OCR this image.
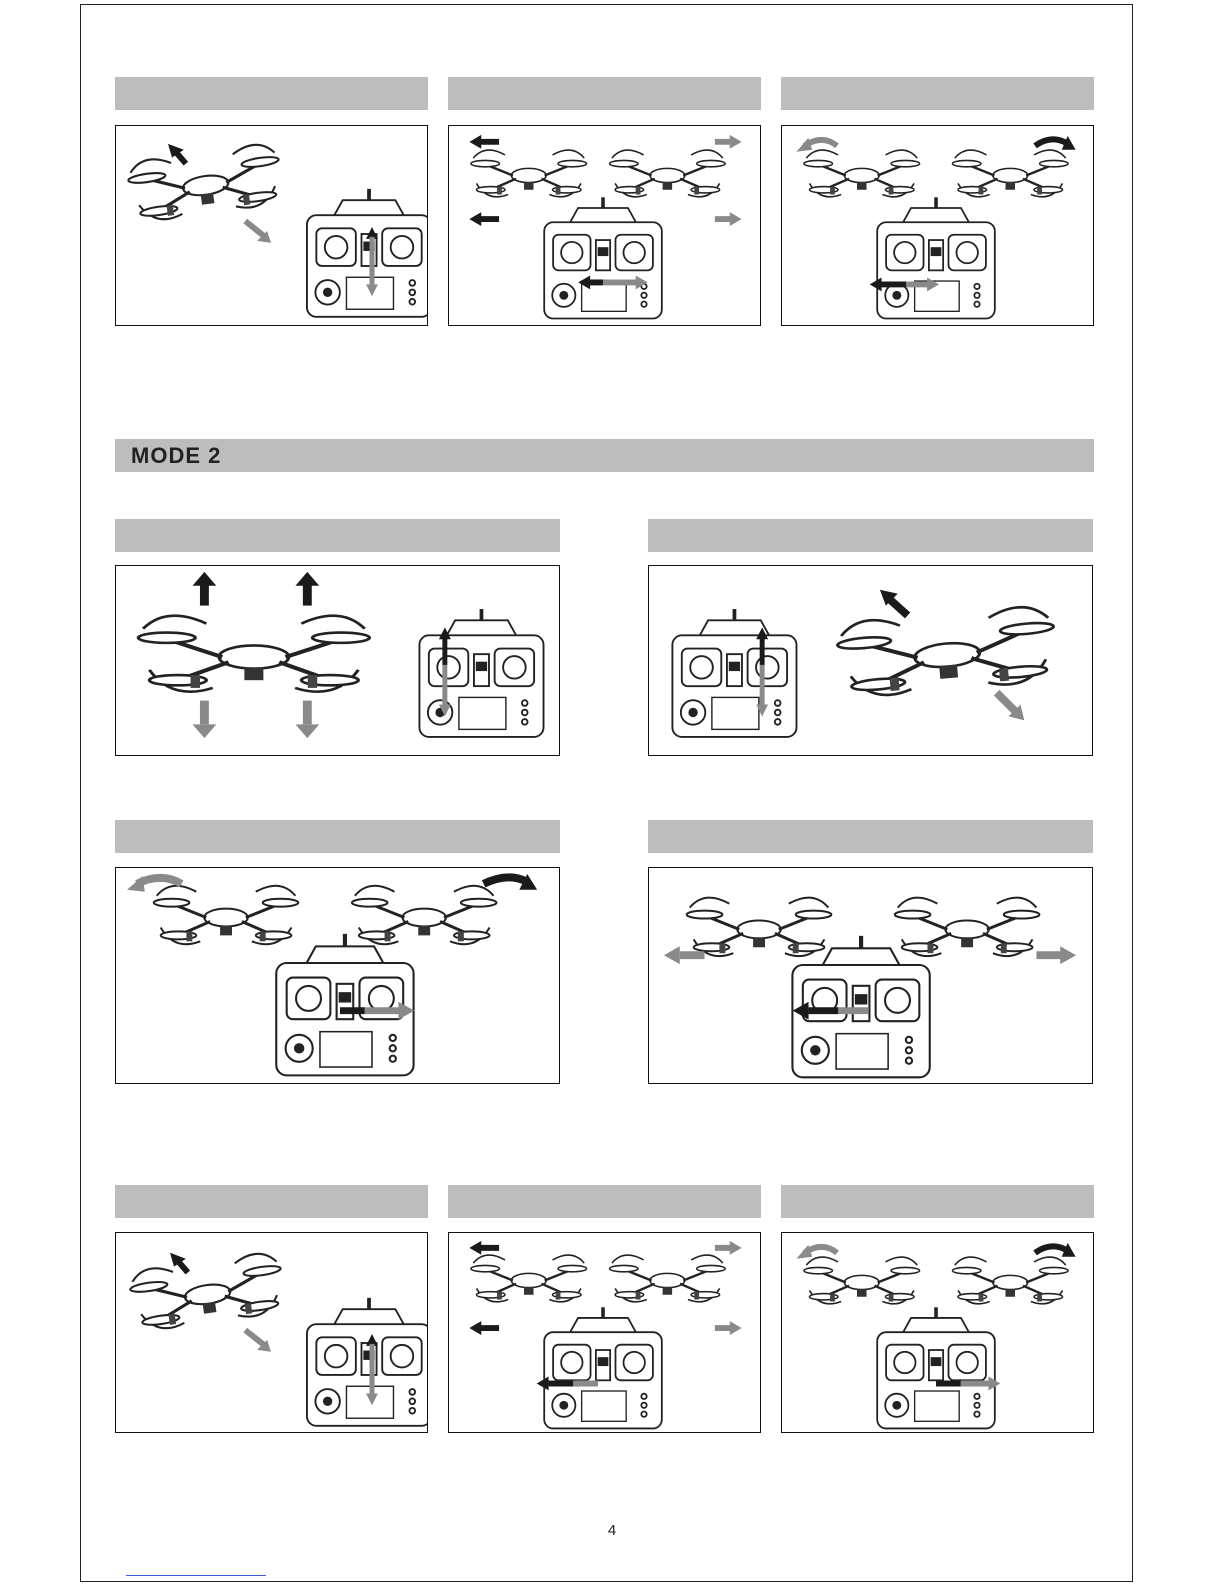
MODE 2
4
